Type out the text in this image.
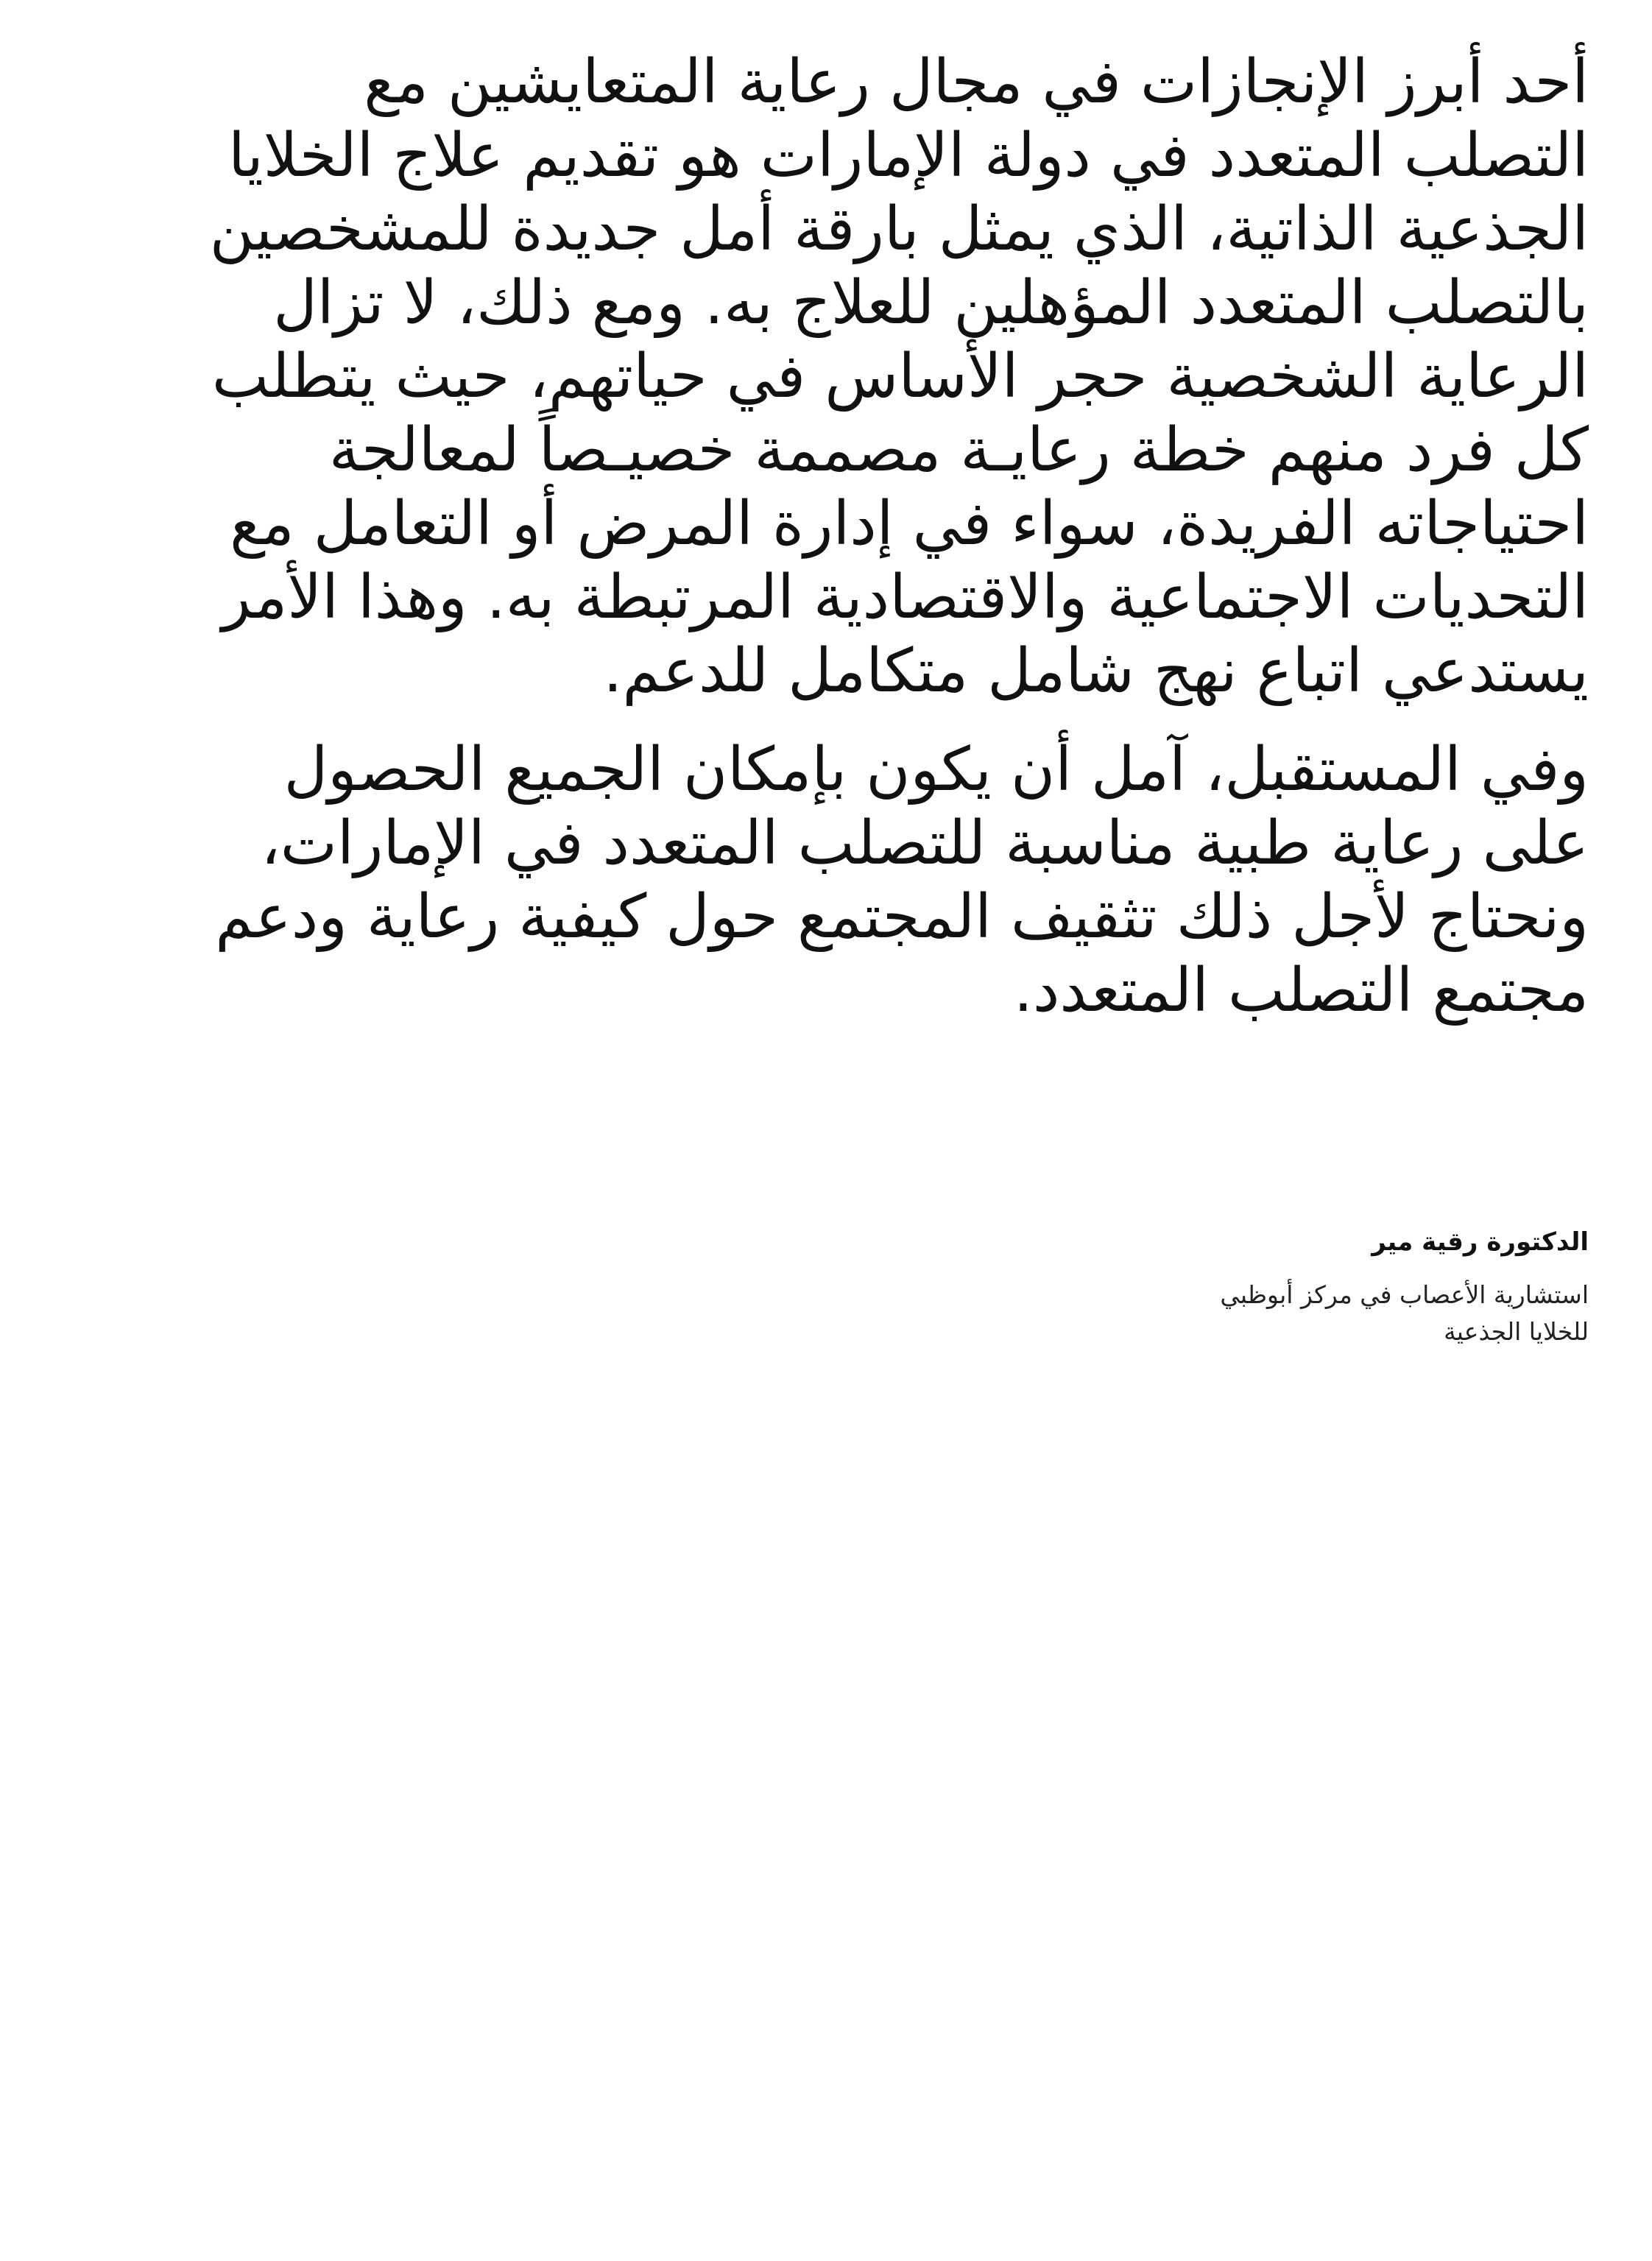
أحد أبرز الإنجازات في مجال رعاية المتعايشين مع التصلب المتعدد في دولة الإمارات هو تقديم علاج الخلايا الجذعية الذاتية، الذي يمثل بارقة أمل جديدة للمشخصين بالتصلب المتعدد المؤهلين للعلاج به. ومع ذلك، لا تزال الرعاية الشخصية حجر الأساس في حياتهم، حيث يتطلب كل فرد منهم خطة رعايـة مصممة خصيـصاً لمعالجة احتياجاته الفريدة، سواء في إدارة المرض أو التعامل مع التحديات الاجتماعية والاقتصادية المرتبطة به. وهذا الأمر يستدعي اتباع نهج شامل متكامل للدعم.

وفي المستقبل، آمل أن يكون بإمكان الجميع الحصول على رعاية طبية مناسبة للتصلب المتعدد في الإمارات، ونحتاج لأجل ذلك تثقيف المجتمع حول كيفية رعاية ودعم مجتمع التصلب المتعدد.

الدكتورة رقية مير

استشارية الأعصاب في مركز أبوظبي
للخلايا الجذعية
